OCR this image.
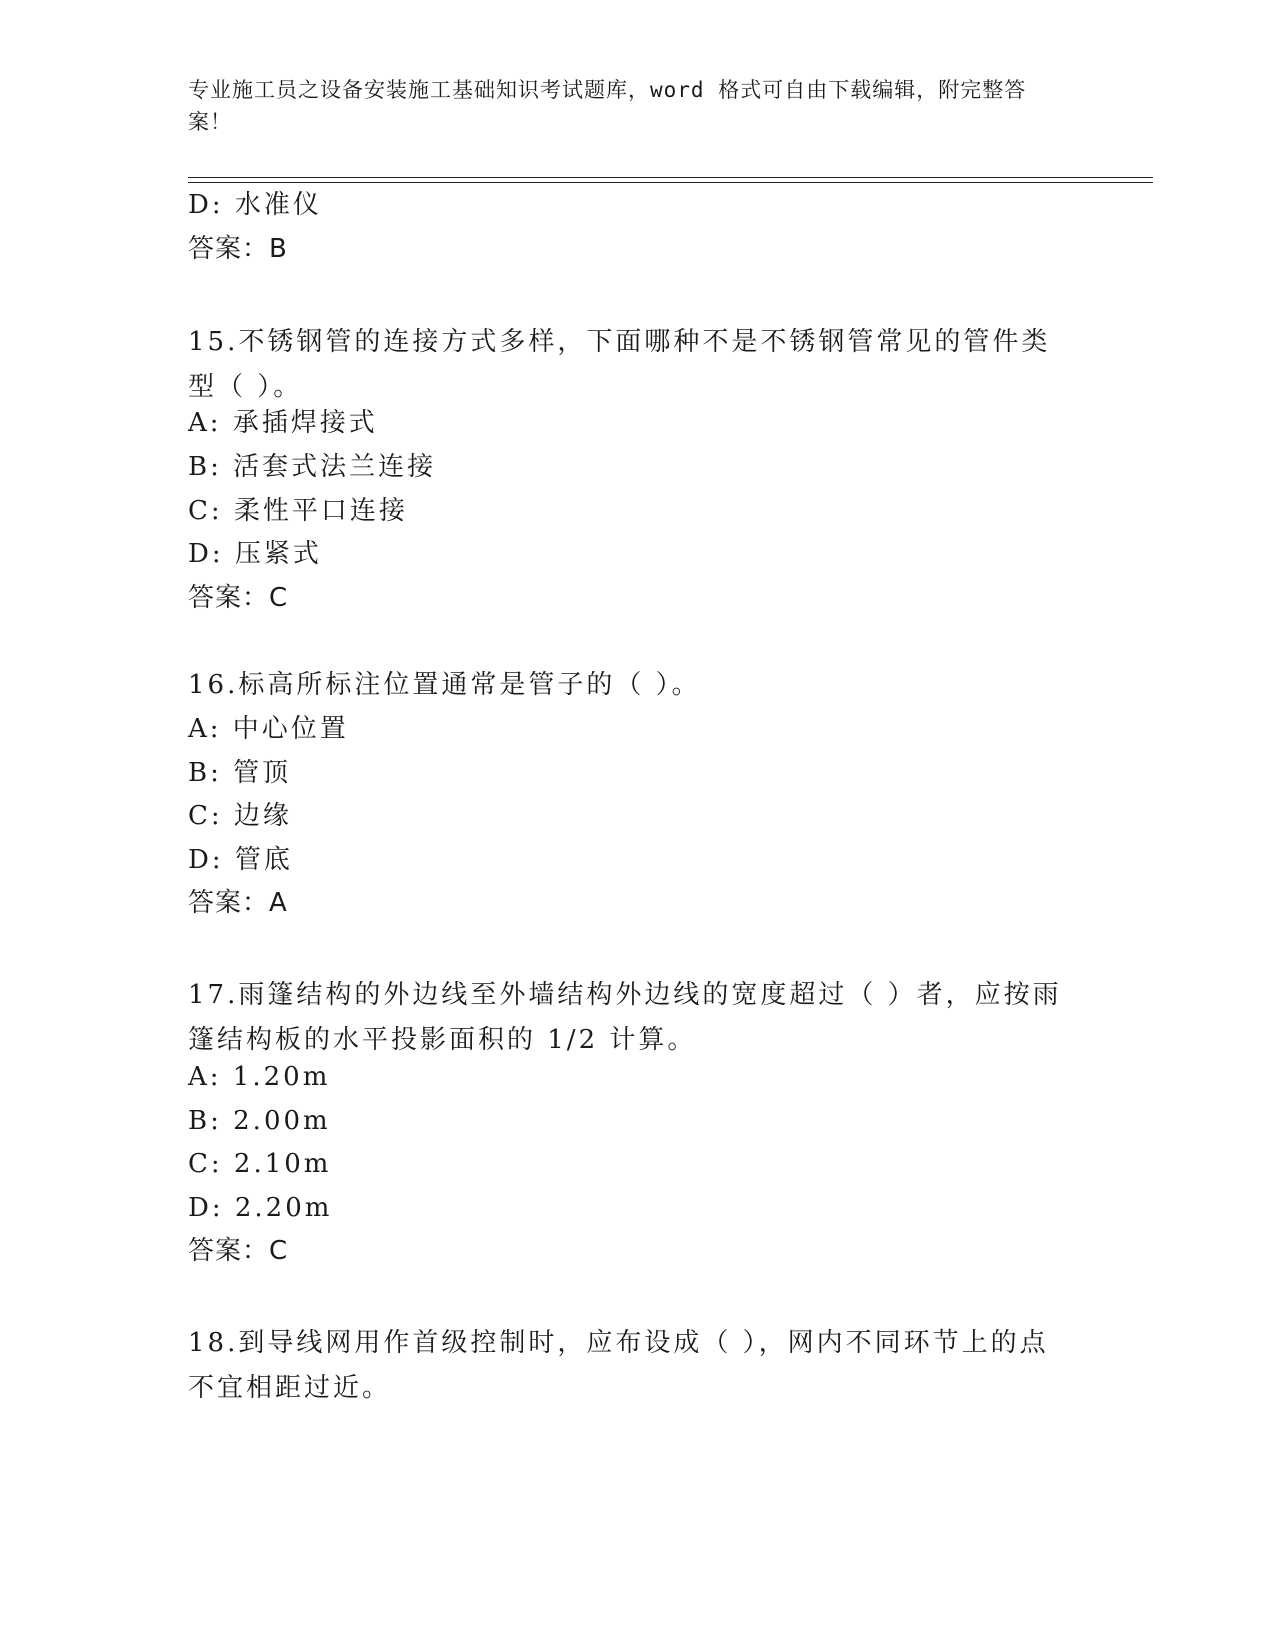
专业施工员之设备安装施工基础知识考试题库，word 格式可自由下载编辑，附完整答案！
D: 水准仪
答案：B
15.不锈钢管的连接方式多样，下面哪种不是不锈钢管常见的管件类型（ ）。
A: 承插焊接式
B: 活套式法兰连接
C: 柔性平口连接
D: 压紧式
答案：C
16.标高所标注位置通常是管子的（ ）。
A: 中心位置
B: 管顶
C: 边缘
D: 管底
答案：A
17.雨篷结构的外边线至外墙结构外边线的宽度超过（ ）者，应按雨篷结构板的水平投影面积的 1/2 计算。
A: 1.20m
B: 2.00m
C: 2.10m
D: 2.20m
答案：C
18.到导线网用作首级控制时，应布设成（ ），网内不同环节上的点不宜相距过近。
